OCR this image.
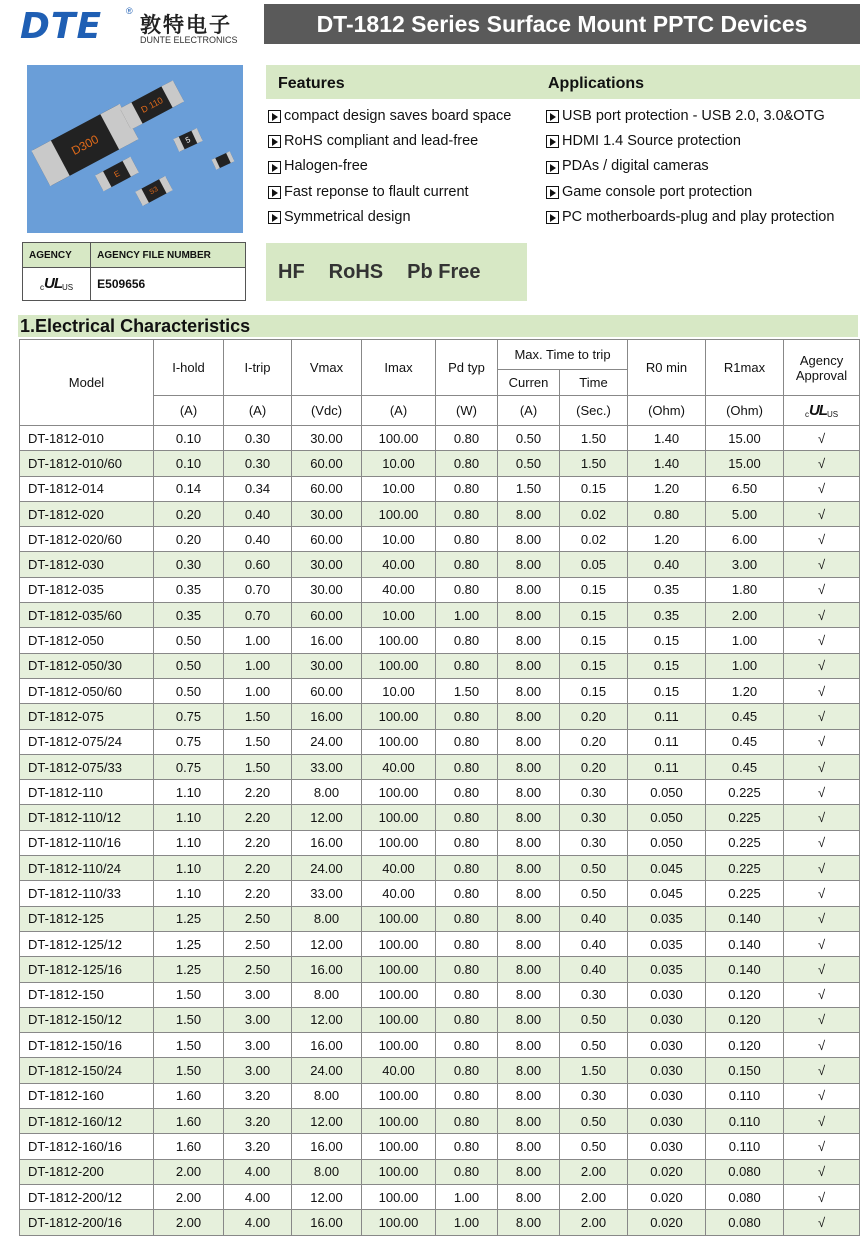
DTE	®
敦特电子
DUNTE ELECTRONICS
DT-1812 Series Surface Mount PPTC Devices
D300
D 110
5
E
S3
AGENCY	AGENCY FILE NUMBER

c UL US	E509656
Features	Applications
compact design saves board space
RoHS compliant and lead-free
Halogen-free
Fast reponse to flault current
Symmetrical design
USB port protection - USB 2.0, 3.0&OTG
HDMI 1.4 Source protection
PDAs / digital cameras
Game console port protection
PC motherboards-plug and play protection
HF RoHS Pb Free
1.Electrical Characteristics
Model	I-hold	I-trip	Vmax	Imax	Pd typ	Max. Time to trip		R0 min	R1max	Agency Approval
						Curren	Time			
	(A)	(A)	(Vdc)	(A)	(W)	(A)	(Sec.)	(Ohm)	(Ohm)	c UL US

DT-1812-010	0.10	0.30	30.00	100.00	0.80	0.50	1.50	1.40	15.00	√
DT-1812-010/60	0.10	0.30	60.00	10.00	0.80	0.50	1.50	1.40	15.00	√
DT-1812-014	0.14	0.34	60.00	10.00	0.80	1.50	0.15	1.20	6.50	√
DT-1812-020	0.20	0.40	30.00	100.00	0.80	8.00	0.02	0.80	5.00	√
DT-1812-020/60	0.20	0.40	60.00	10.00	0.80	8.00	0.02	1.20	6.00	√
DT-1812-030	0.30	0.60	30.00	40.00	0.80	8.00	0.05	0.40	3.00	√
DT-1812-035	0.35	0.70	30.00	40.00	0.80	8.00	0.15	0.35	1.80	√
DT-1812-035/60	0.35	0.70	60.00	10.00	1.00	8.00	0.15	0.35	2.00	√
DT-1812-050	0.50	1.00	16.00	100.00	0.80	8.00	0.15	0.15	1.00	√
DT-1812-050/30	0.50	1.00	30.00	100.00	0.80	8.00	0.15	0.15	1.00	√
DT-1812-050/60	0.50	1.00	60.00	10.00	1.50	8.00	0.15	0.15	1.20	√
DT-1812-075	0.75	1.50	16.00	100.00	0.80	8.00	0.20	0.11	0.45	√
DT-1812-075/24	0.75	1.50	24.00	100.00	0.80	8.00	0.20	0.11	0.45	√
DT-1812-075/33	0.75	1.50	33.00	40.00	0.80	8.00	0.20	0.11	0.45	√
DT-1812-110	1.10	2.20	8.00	100.00	0.80	8.00	0.30	0.050	0.225	√
DT-1812-110/12	1.10	2.20	12.00	100.00	0.80	8.00	0.30	0.050	0.225	√
DT-1812-110/16	1.10	2.20	16.00	100.00	0.80	8.00	0.30	0.050	0.225	√
DT-1812-110/24	1.10	2.20	24.00	40.00	0.80	8.00	0.50	0.045	0.225	√
DT-1812-110/33	1.10	2.20	33.00	40.00	0.80	8.00	0.50	0.045	0.225	√
DT-1812-125	1.25	2.50	8.00	100.00	0.80	8.00	0.40	0.035	0.140	√
DT-1812-125/12	1.25	2.50	12.00	100.00	0.80	8.00	0.40	0.035	0.140	√
DT-1812-125/16	1.25	2.50	16.00	100.00	0.80	8.00	0.40	0.035	0.140	√
DT-1812-150	1.50	3.00	8.00	100.00	0.80	8.00	0.30	0.030	0.120	√
DT-1812-150/12	1.50	3.00	12.00	100.00	0.80	8.00	0.50	0.030	0.120	√
DT-1812-150/16	1.50	3.00	16.00	100.00	0.80	8.00	0.50	0.030	0.120	√
DT-1812-150/24	1.50	3.00	24.00	40.00	0.80	8.00	1.50	0.030	0.150	√
DT-1812-160	1.60	3.20	8.00	100.00	0.80	8.00	0.30	0.030	0.110	√
DT-1812-160/12	1.60	3.20	12.00	100.00	0.80	8.00	0.50	0.030	0.110	√
DT-1812-160/16	1.60	3.20	16.00	100.00	0.80	8.00	0.50	0.030	0.110	√
DT-1812-200	2.00	4.00	8.00	100.00	0.80	8.00	2.00	0.020	0.080	√
DT-1812-200/12	2.00	4.00	12.00	100.00	1.00	8.00	2.00	0.020	0.080	√
DT-1812-200/16	2.00	4.00	16.00	100.00	1.00	8.00	2.00	0.020	0.080	√
